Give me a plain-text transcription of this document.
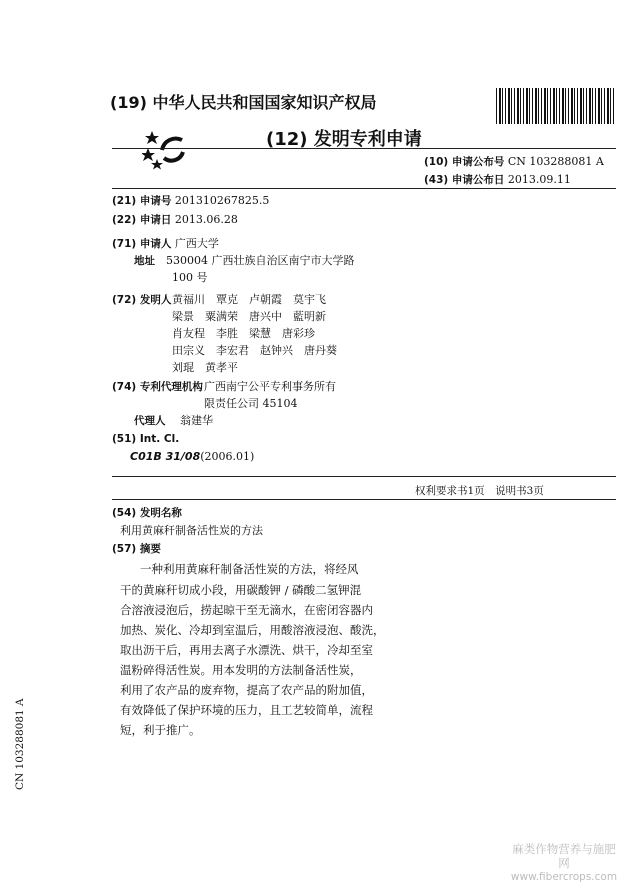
(19) 中华人民共和国国家知识产权局
(12) 发明专利申请
(10) 申请公布号 CN 103288081 A
(43) 申请公布日 2013.09.11
(21) 申请号 201310267825.5
(22) 申请日 2013.06.28
(71) 申请人 广西大学
地址 530004 广西壮族自治区南宁市大学路
100 号
(72) 发明人 黄福川　覃克　卢朝霞　莫宇飞
梁景　粟满荣　唐兴中　藍明新
肖友程　李胜　梁慧　唐彩珍
田宗义　李宏君　赵钟兴　唐丹葵
刘琨　黄孝平
(74) 专利代理机构 广西南宁公平专利事务所有
限责任公司 45104
代理人 翁建华
(51) Int. Cl.
C01B 31/08(2006.01)
权利要求书1页　说明书3页
(54) 发明名称
利用黄麻秆制备活性炭的方法
(57) 摘要

一种利用黄麻秆制备活性炭的方法，将经风

干的黄麻秆切成小段，用碳酸钾 / 磷酸二氢钾混

合溶液浸泡后，捞起晾干至无滴水，在密闭容器内

加热、炭化、冷却到室温后，用酸溶液浸泡、酸洗，

取出沥干后，再用去离子水漂洗、烘干，冷却至室

温粉碎得活性炭。用本发明的方法制备活性炭，

利用了农产品的废弃物，提高了农产品的附加值，

有效降低了保护环境的压力，且工艺较简单，流程

短，利于推广。

CN 103288081 A
麻类作物营养与施肥网
www.fibercrops.com
